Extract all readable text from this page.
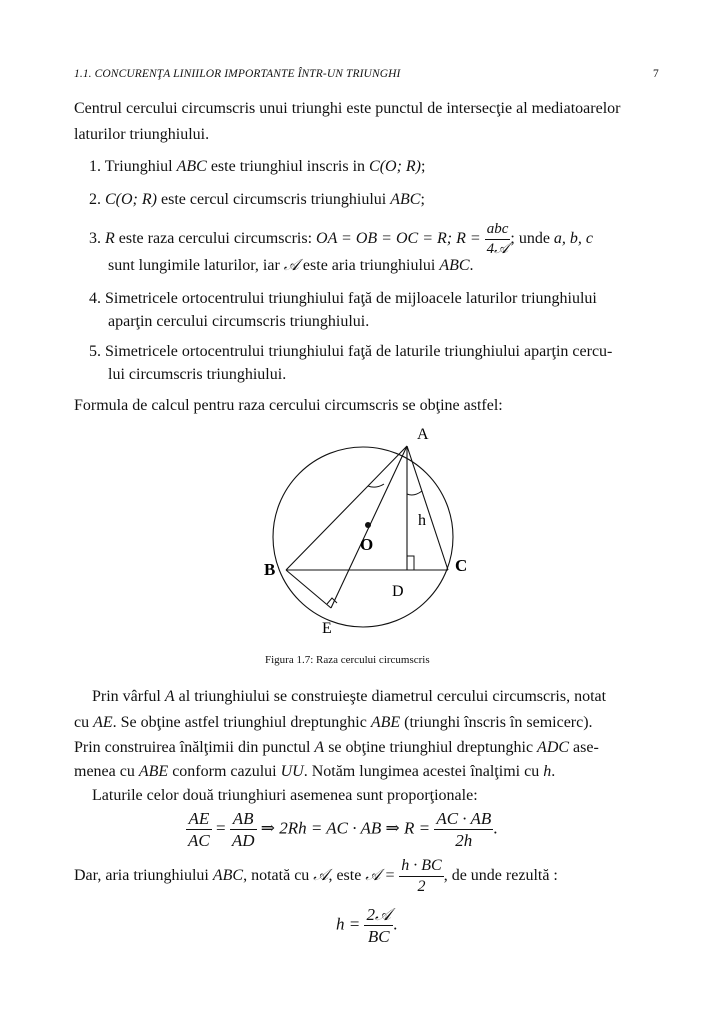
1.1. CONCURENŢA LINIILOR IMPORTANTE ÎNTR-UN TRIUNGHI	7
Centrul cercului circumscris unui triunghi este punctul de intersecţie al mediatoarelor
laturilor triunghiului.
1. Triunghiul ABC este triunghiul inscris in C(O; R);
2. C(O; R) este cercul circumscris triunghiului ABC;
3. R este raza cercului circumscris: OA = OB = OC = R; $R = \frac{\text{abc}}{\text{4𝒜}}$ ; unde a, b, c
sunt lungimile laturilor, iar 𝒜 este aria triunghiului ABC.
4. Simetricele ortocentrului triunghiului faţă de mijloacele laturilor triunghiului
aparţin cercului circumscris triunghiului.
5. Simetricele ortocentrului triunghiului faţă de laturile triunghiului aparţin cercu-
lui circumscris triunghiului.
Formula de calcul pentru raza cercului circumscris se obţine astfel:
A
B	C
D
E
O
h
Figura 1.7: Raza cercului circumscris
Prin vârful A al triunghiului se construieşte diametrul cercului circumscris, notat
cu AE. Se obţine astfel triunghiul dreptunghic ABE (triunghi înscris în semicerc).
Prin construirea înălţimii din punctul A se obţine triunghiul dreptunghic ADC ase-
menea cu ABE conform cazului UU. Notăm lungimea acestei înalţimi cu h.
Laturile celor două triunghiuri asemenea sunt proporţionale:
$\frac{AE}{AC} = \frac{AB}{AD}$ ⇒ 2Rh = AC · AB ⇒ $R = \frac{AC \cdot AB}{2h}$ .
Dar, aria triunghiului ABC, notată cu 𝒜, este 𝒜 = $\frac{h \cdot BC}{2}$ , de unde rezultă :
$h = \frac{\text{2𝒜}}{BC}$ .
